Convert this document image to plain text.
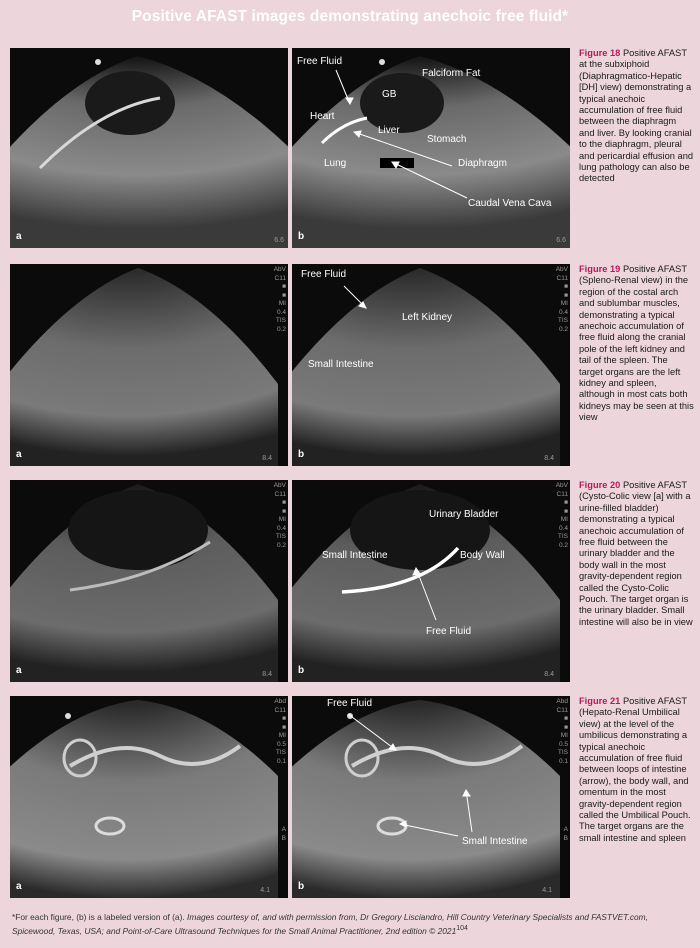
Positive AFAST images demonstrating anechoic free fluid*
a	6.6
Free Fluid
Falciform Fat
GB
Heart
Liver
Stomach
Lung	Diaphragm
Caudal Vena Cava
b	6.6
Figure 18 Positive AFAST at the subxiphoid (Diaphragmatico-Hepatic [DH] view) demonstrating a typical anechoic accumulation of free fluid between the diaphragm and liver. By looking cranial to the diaphragm, pleural and pericardial effusion and lung pathology can also be detected
AbV
C11
■
■
MI
0.4
TIS
0.2
a	8.4
AbV
C11
■
■
MI
0.4
TIS
0.2
Free Fluid
Left Kidney
Small Intestine
b	8.4
Figure 19 Positive AFAST (Spleno-Renal view) in the region of the costal arch and sublumbar muscles, demonstrating a typical anechoic accumulation of free fluid along the cranial pole of the left kidney and tail of the spleen. The target organs are the left kidney and spleen, although in most cats both kidneys may be seen at this view
AbV
C11
■
■
MI
0.4
TIS
0.2
a	8.4
AbV
C11
■
■
MI
0.4
TIS
0.2
Urinary Bladder
Small Intestine	Body Wall
Free Fluid
b	8.4
Figure 20 Positive AFAST (Cysto-Colic view [a] with a urine-filled bladder) demonstrating a typical anechoic accumulation of free fluid between the urinary bladder and the body wall in the most gravity-dependent region called the Cysto-Colic Pouch. The target organ is the urinary bladder. Small intestine will also be in view
Abd
C11
■
■
MI
0.5
TIS
0.1
A
B
a	4.1
Abd
C11
■
■
MI
0.5
TIS
0.1
A
B
Free Fluid
Small Intestine
b	4.1
Figure 21 Positive AFAST (Hepato-Renal Umbilical view) at the level of the umbilicus demonstrating a typical anechoic accumulation of free fluid between loops of intestine (arrow), the body wall, and omentum in the most gravity-dependent region called the Umbilical Pouch. The target organs are the small intestine and spleen
*For each figure, (b) is a labeled version of (a). Images courtesy of, and with permission from, Dr Gregory Lisciandro, Hill Country Veterinary Specialists and FASTVET.com, Spicewood, Texas, USA; and Point-of-Care Ultrasound Techniques for the Small Animal Practitioner, 2nd edition © 2021$^{104}$
